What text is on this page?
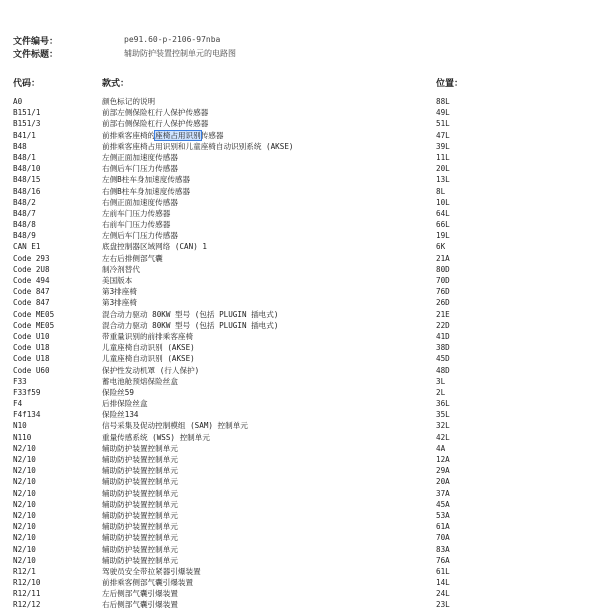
文件编号：	pe91.60-p-2106-97nba
文件标题：	辅助防护装置控制单元的电路图
代码：	款式：	位置：
A0	颜色标记的说明	88L
B151/1	前部左侧保险杠行人保护传感器	49L
B151/3	前部右侧保险杠行人保护传感器	51L
B41/1	前排乘客座椅的座椅占用识别传感器	47L
B48	前排乘客座椅占用识别和儿童座椅自动识别系统 (AKSE)	39L
B48/1	左侧正面加速度传感器	11L
B48/10	右侧后车门压力传感器	20L
B48/15	左侧B柱车身加速度传感器	13L
B48/16	右侧B柱车身加速度传感器	8L
B48/2	右侧正面加速度传感器	10L
B48/7	左前车门压力传感器	64L
B48/8	右前车门压力传感器	66L
B48/9	左侧后车门压力传感器	19L
CAN E1	底盘控制器区域网络 (CAN) 1	6K
Code 293	左右后排侧部气囊	21A
Code 2U8	制冷剂替代	80D
Code 494	美国版本	70D
Code 847	第3排座椅	76D
Code 847	第3排座椅	26D
Code ME05	混合动力驱动 80KW 型号 (包括 PLUGIN 插电式)	21E
Code ME05	混合动力驱动 80KW 型号 (包括 PLUGIN 插电式)	22D
Code U10	带重量识别的前排乘客座椅	41D
Code U18	儿童座椅自动识别 (AKSE)	38D
Code U18	儿童座椅自动识别 (AKSE)	45D
Code U60	保护性发动机罩 (行人保护)	48D
F33	蓄电池舱预熔保险丝盒	3L
F33f59	保险丝59	2L
F4	后排保险丝盒	36L
F4f134	保险丝134	35L
N10	信号采集及促动控制模组 (SAM) 控制单元	32L
N110	重量传感系统 (WSS) 控制单元	42L
N2/10	辅助防护装置控制单元	4A
N2/10	辅助防护装置控制单元	12A
N2/10	辅助防护装置控制单元	29A
N2/10	辅助防护装置控制单元	20A
N2/10	辅助防护装置控制单元	37A
N2/10	辅助防护装置控制单元	45A
N2/10	辅助防护装置控制单元	53A
N2/10	辅助防护装置控制单元	61A
N2/10	辅助防护装置控制单元	70A
N2/10	辅助防护装置控制单元	83A
N2/10	辅助防护装置控制单元	76A
R12/1	驾驶员安全带拉紧器引爆装置	61L
R12/10	前排乘客侧部气囊引爆装置	14L
R12/11	左后侧部气囊引爆装置	24L
R12/12	右后侧部气囊引爆装置	23L
